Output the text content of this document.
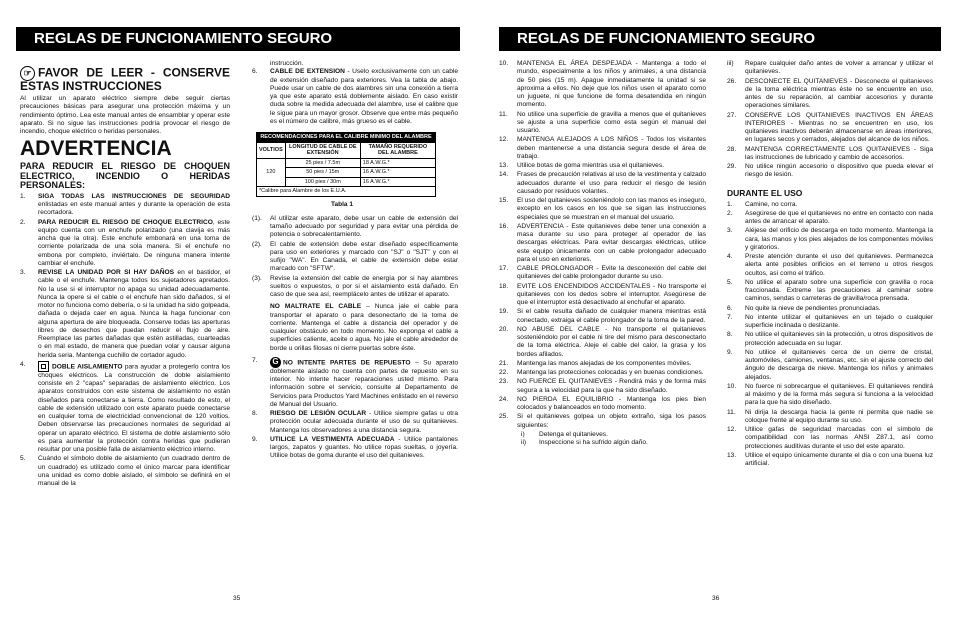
REGLAS DE FUNCIONAMIENTO SEGURO

☞ FAVOR DE LEER - CONSERVE ESTAS INSTRUCCIONES

Al utilizar un aparato eléctrico siempre debe seguir ciertas precauciones básicas para asegurar una protección máxima y un rendimiento óptimo. Lea este manual antes de ensamblar y operar este aparato. Si no sigue las instrucciones podría provocar el riesgo de incendio, choque eléctrico o heridas personales.

ADVERTENCIA

PARA REDUCIR EL RIESGO DE CHOQUEN ELECTRICO, INCENDIO O HERIDAS PERSONALES:

1.	SIGA TODAS LAS INSTRUCCIONES DE SEGURIDAD enlistadas en este manual antes y durante la operación de esta recortadora.
2.	PARA REDUCIR EL RIESGO DE CHOQUE ELECTRICO, este equipo cuenta con un enchufe polarizado (una clavija es más ancha que la otra). Este enchufe embonará en una toma de corriente polarizada de una sola manera. Si el enchufe no embona por completo, inviértalo. De ninguna manera intente cambiar el enchufe.
3.	REVISE LA UNIDAD POR SI HAY DAÑOS en el bastidor, el cable o el enchufe. Mantenga todos los sujetadores apretados. No la use si el interruptor no apaga su unidad adecuadamente. Nunca la opere si el cable o el enchufe han sido dañados, si el motor no funciona como debería, o si la unidad ha sido golpeada, dañada o dejada caer en agua. Nunca la haga funcionar con alguna apertura de aire bloqueada. Conserve todas las aperturas libres de desechos que puedan reducir el flujo de aire. Reemplace las partes dañadas que estén astilladas, cuarteadas o en mal estado, de manera que puedan volar y causar alguna herida seria. Mantenga cuchillo de cortador agudo.
4.	DOBLE AISLAMIENTO para ayudar a protegerlo contra los choques eléctricos. La construcción de doble aislamiento consiste en 2 "capas" separadas de aislamiento eléctrico. Los aparatos construidos con este sistema de aislamiento no están diseñados para conectarse a tierra. Como resultado de esto, el cable de extensión utilizado con este aparato puede conectarse en cualquier toma de electricidad convencional de 120 voltios. Deben observarse las precauciones normales de seguridad al operar un aparato eléctrico. El sistema de doble aislamiento sólo es para aumentar la protección contra heridas que pudieran resultar por una posible falla de aislamiento eléctrico interno.
5.	Cuándo el símbolo doble de aislamiento (un cuadrado dentro de un cuadrado) es utilizado como el único marcar para identificar una unidad es como doble aislado, el símbolo se definirá en el manual de la

instrucción.

6.	CABLE DE EXTENSION - Uselo exclusivamente con un cable de extensión diseñado para exteriores. Vea la tabla de abajo. Puede usar un cable de dos alambres sin una conexión a tierra ya que este aparato está doblemente aislado. En caso existir duda sobre la medida adecuada del alambre, use el calibre que le sigue para un mayor grosor. Observe que entre más pequeño es el número de calibre, más grueso es el cable.
RECOMENDACIONES PARA EL CALIBRE MINIMO DEL ALAMBRE		
VOLTIOS	LONGITUD DE CABLE DE EXTENSIÓN	TAMAÑO REQUERIDO DEL ALAMBRE
120	25 pies / 7.5m	18 A.W.G.*
	50 pies / 15m	16 A.W.G.*
	100 pies / 30m	16 A.W.G.*
*Calibre para Alambre de los E.U.A.		

Tabla 1

(1).	Al utilizar este aparato, debe usar un cable de extensión del tamaño adecuado por seguridad y para evitar una pérdida de potencia o sobrecalentamiento.
(2).	El cable de extensión debe estar diseñado específicamente para uso en exteriores y marcado con "SJ" o "SJT" y con el sufijo "WA". En Canadá, el cable de extensión debe estar marcado con "SFTW".
(3).	Revise la extensión del cable de energía por si hay alambres sueltos o expuestos, o por si el aislamiento está dañado. En caso de que sea así, reemplácelo antes de utilizar el aparato.

NO MALTRATE EL CABLE – Nunca jale el cable para transportar el aparato o para desonectarlo de la toma de corriente. Mantenga el cable a distancia del operador y de cualquier obstáculo en todo momento. No exponga el cable a superficies caliente, aceite o agua. No jale el cable alrededor de borde u orillas filosas ni cierre puertas sobre éste.

7.	G NO INTENTE PARTES DE REPUESTO – Su aparato doblemente aislado no cuenta con partes de repuesto en su interior. No intente hacer reparaciones usted mismo. Para información sobre el servicio, consulte al Departamento de Servicios para Productos Yard Machines enlistado en el reverso de Manual del Usuario.
8.	RIESGO DE LESIÓN OCULAR - Utilice siempre gafas u otra protección ocular adecuada durante el uso de su quitanieves. Mantenga los observadores a una distancia segura.
9.	UTILICE LA VESTIMENTA ADECUADA - Utilice pantalones largos, zapatos y guantes. No utilice ropas sueltas, o joyería. Utilice botas de goma durante el uso del quitanieves.
35
REGLAS DE FUNCIONAMIENTO SEGURO
10.	MANTENGA EL ÁREA DESPEJADA - Mantenga a todo el mundo, especialmente a los niños y animales, a una distancia de 50 pies (15 m). Apague inmediatamente la unidad si se aproxima a ellos. No deje que los niños usen el aparato como un juguete, ni que funcione de forma desatendida en ningún momento.
11.	No utilice una superficie de gravilla a menos que el quitanieves se ajuste a una superficie como esta según el manual del usuario.
12.	MANTENGA ALEJADOS A LOS NIÑOS - Todos los visitantes deben mantenerse a una distancia segura desde el área de trabajo.
13.	Utilice botas de goma mientras usa el quitanieves.
14.	Frases de precaución relativas al uso de la vestimenta y calzado adecuados durante el uso para reducir el riesgo de lesión causado por residuos volantes.
15.	El uso del quitanieves sosteniéndolo con las manos es inseguro, excepto en los casos en los que se sigan las instrucciones especiales que se muestran en el manual del usuario.
16.	ADVERTENCIA - Este quitanieves debe tener una conexión a masa durante su uso para proteger al operador de las descargas eléctricas. Para evitar descargas eléctricas, utilice este equipo únicamente con un cable prolongador adecuado para el uso en exteriores.
17.	CABLE PROLONGADOR - Evite la desconexión del cable del quitanieves del cable prolongador durante su uso.
18.	EVITE LOS ENCENDIDOS ACCIDENTALES - No transporte el quitanieves con los dedos sobre el interruptor. Asegúrese de que el interruptor está desactivado al enchufar el aparato.
19.	Si el cable resulta dañado de cualquier manera mientras está conectado, extraiga el cable prolongador de la toma de la pared.
20.	NO ABUSE DEL CABLE - No transporte el quitanieves sosteniéndolo por el cable ni tire del mismo para desconectarlo de la toma eléctrica. Aleje el cable del calor, la grasa y los bordes afilados.
21.	Mantenga las manos alejadas de los componentes móviles.
22.	Mantenga las protecciones colocadas y en buenas condiciones.
23.	NO FUERCE EL QUITANIEVES - Rendirá más y de forma más segura a la velocidad para la que ha sido diseñado.
24.	NO PIERDA EL EQUILIBRIO - Mantenga los pies bien colocados y balanceados en todo momento.
25.	Si el quitanieves golpea un objeto extraño, siga los pasos siguientes:
i)	Detenga el quitanieves.
ii)	Inspeccione si ha sufrido algún daño.
iii)	Repare cualquier daño antes de volver a arrancar y utilizar el quitanieves.
26.	DESCONECTE EL QUITANIEVES - Desconecte el quitanieves de la toma eléctrica mientras éste no se encuentre en uso, antes de su reparación, al cambiar accesorios y durante operaciones similares.
27.	CONSERVE LOS QUITANIEVES INACTIVOS EN ÁREAS INTERIORES - Mientras no se encuentren en uso, los quitanieves inactivos deberán almacenarse en áreas interiores, en lugares secos y cerrados, alejados del alcance de los niños.
28.	MANTENGA CORRECTAMENTE LOS QUITANIEVES - Siga las instrucciones de lubricado y cambio de accesorios.
29.	No utilice ningún accesorio o dispositivo que pueda elevar el riesgo de lesión.

DURANTE EL USO

1.	Camine, no corra.
2.	Asegúrese de que el quitanieves no entre en contacto con nada antes de arrancar el aparato.
3.	Aléjese del orificio de descarga en todo momento. Mantenga la cara, las manos y los pies alejados de los componentes móviles y giratorios.
4.	Preste atención durante el uso del quitanieves. Permanezca alerta ante posibles orificios en el terreno u otros riesgos ocultos, así como el tráfico.
5.	No utilice el aparato sobre una superficie con gravilla o roca fraccionada. Extreme las precauciones al caminar sobre caminos, sendas o carreteras de gravilla/roca prensada.
6.	No quite la nieve de pendientes pronunciadas.
7.	No intente utilizar el quitanieves en un tejado o cualquier superficie inclinada o deslizante.
8.	No utilice el quitanieves sin la protección, u otros dispositivos de protección adecuada en su lugar.
9.	No utilice el quitanieves cerca de un cierre de cristal, automóviles, camiones, ventanas, etc. sin el ajuste correcto del ángulo de descarga de nieve. Mantenga los niños y animales alejados.
10.	No fuerce ni sobrecargue el quitanieves. El quitanieves rendirá al máximo y de la forma más segura si funciona a la velocidad para la que ha sido diseñado.
11.	Ni dirija la descarga hacia la gente ni permita que nadie se coloque frente al equipo durante su uso.
12.	Utilice gafas de seguridad marcadas con el símbolo de compatibilidad con las normas ANSI Z87.1, así como protecciones auditivas durante el uso del este aparato.
13.	Utilice el equipo únicamente durante el día o con una buena luz artificial.
36
